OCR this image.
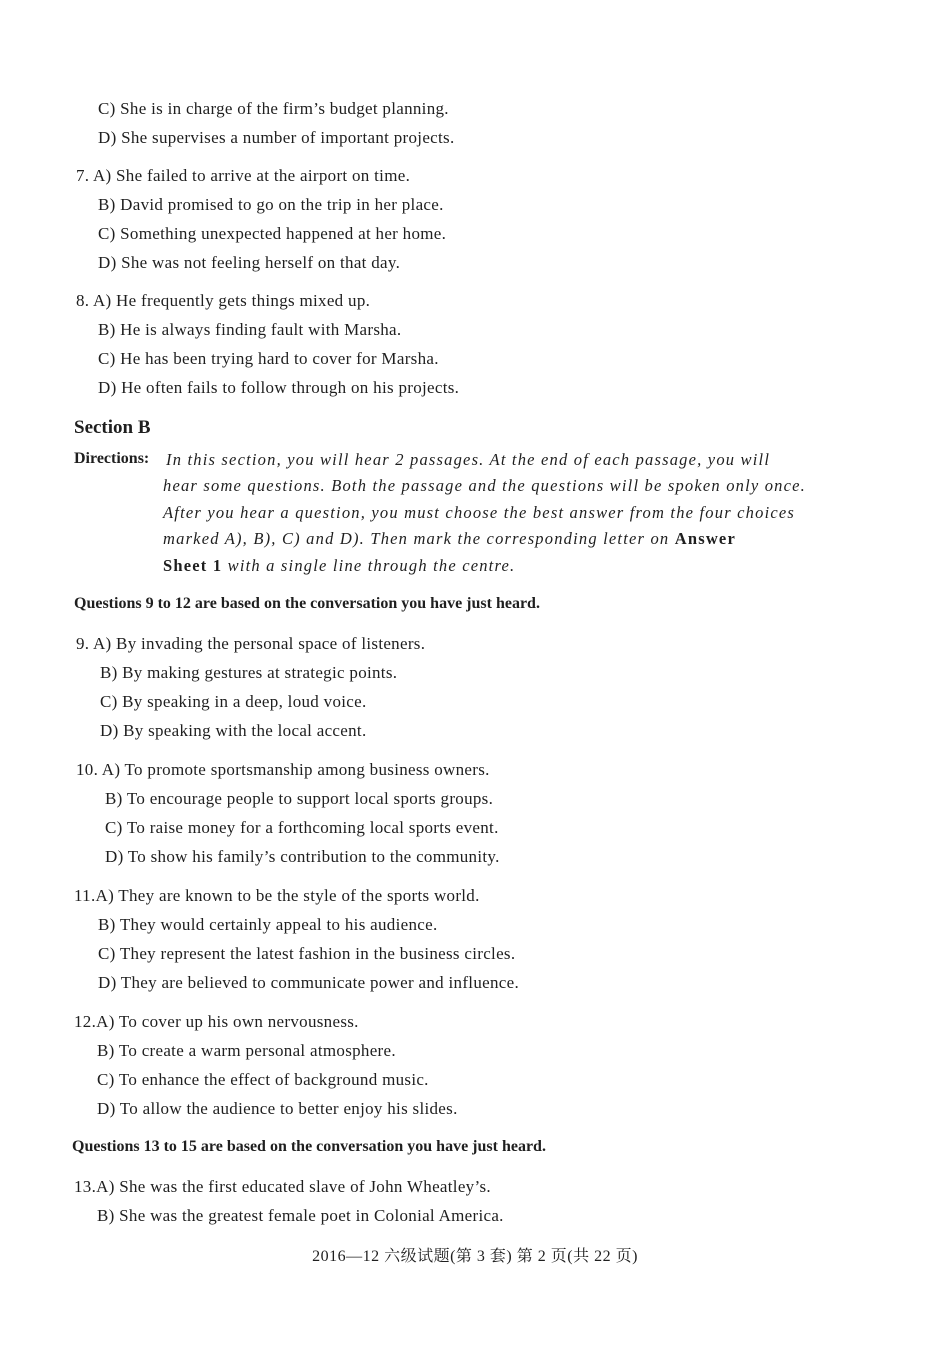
C) She is in charge of the firm’s budget planning.
D) She supervises a number of important projects.
7. A) She failed to arrive at the airport on time.
B) David promised to go on the trip in her place.
C) Something unexpected happened at her home.
D) She was not feeling herself on that day.
8. A) He frequently gets things mixed up.
B) He is always finding fault with Marsha.
C) He has been trying hard to cover for Marsha.
D) He often fails to follow through on his projects.
Section B
Directions: In this section, you will hear 2 passages. At the end of each passage, you will
hear some questions. Both the passage and the questions will be spoken only once.
After you hear a question, you must choose the best answer from the four choices
marked A), B), C) and D). Then mark the corresponding letter on Answer
Sheet 1 with a single line through the centre.
Questions 9 to 12 are based on the conversation you have just heard.
9. A) By invading the personal space of listeners.
B) By making gestures at strategic points.
C) By speaking in a deep, loud voice.
D) By speaking with the local accent.
10. A) To promote sportsmanship among business owners.
B) To encourage people to support local sports groups.
C) To raise money for a forthcoming local sports event.
D) To show his family’s contribution to the community.
11.A) They are known to be the style of the sports world.
B) They would certainly appeal to his audience.
C) They represent the latest fashion in the business circles.
D) They are believed to communicate power and influence.
12.A) To cover up his own nervousness.
B) To create a warm personal atmosphere.
C) To enhance the effect of background music.
D) To allow the audience to better enjoy his slides.
Questions 13 to 15 are based on the conversation you have just heard.
13.A) She was the first educated slave of John Wheatley’s.
B) She was the greatest female poet in Colonial America.
2016—12 六级试题(第 3 套) 第 2 页(共 22 页)
